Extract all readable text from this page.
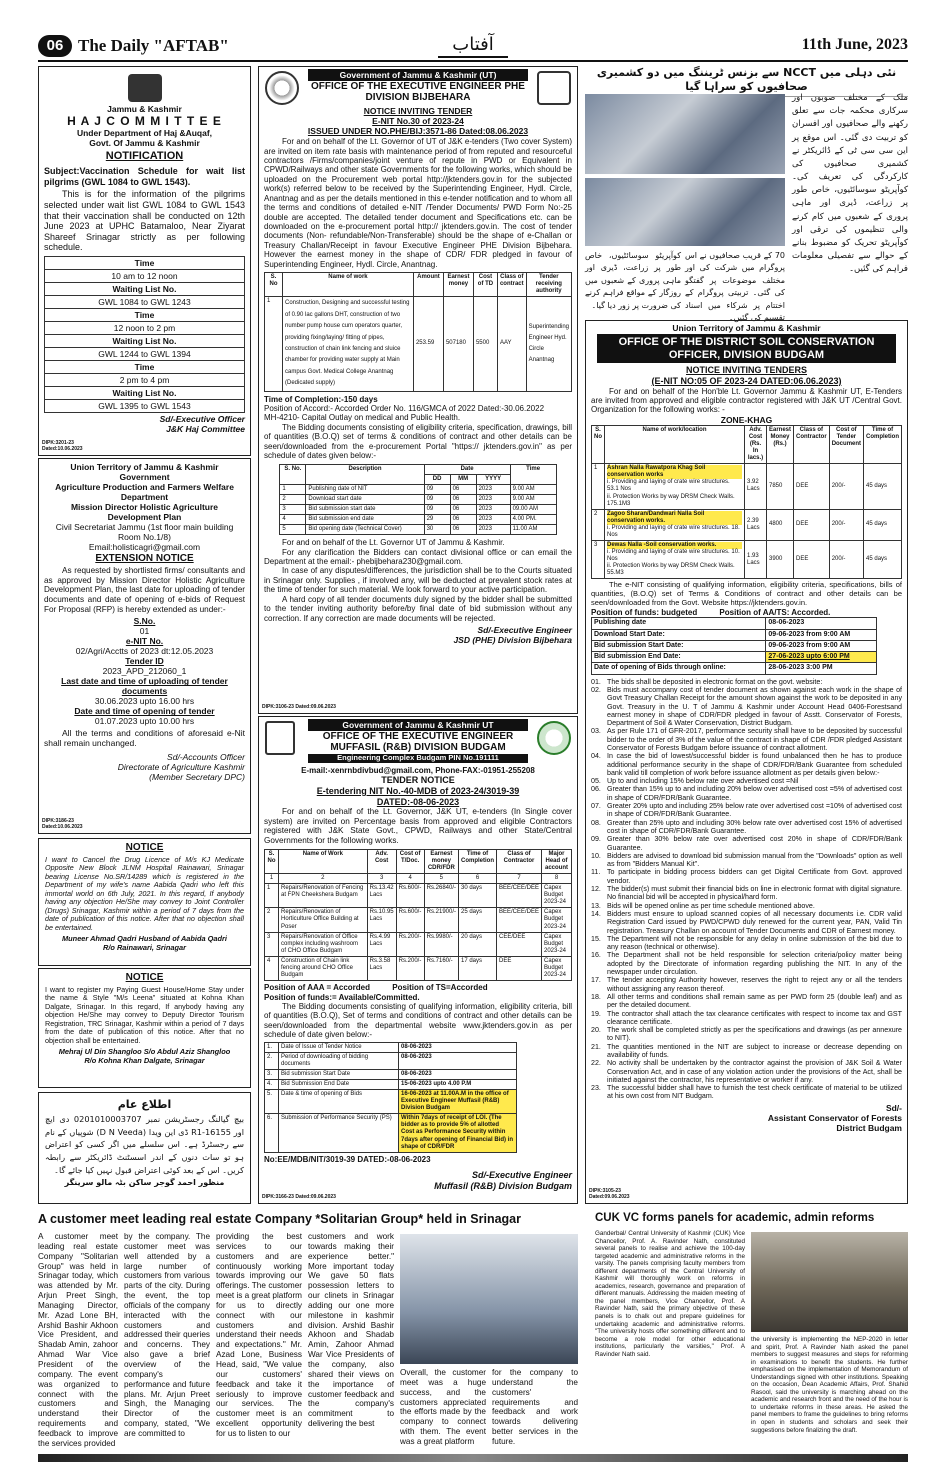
06 The Daily "AFTAB"	آفتاب	11th June, 2023
Jammu & Kashmir
H A J C O M M I T T E E
Under Department of Haj &Auqaf,
Govt. Of Jammu & Kashmir
NOTIFICATION
Subject:Vaccination Schedule for wait list pilgrims (GWL 1084 to GWL 1543).
This is for the information of the pilgrims selected under wait list GWL 1084 to GWL 1543 that their vaccination shall be conducted on 12th June 2023 at UPHC Batamaloo, Near Ziyarat Shareef Srinagar strictly as per following schedule.
Time
10 am to 12 noon
Waiting List No.
GWL 1084 to GWL 1243
Time
12 noon to 2 pm
Waiting List No.
GWL 1244 to GWL 1394
Time
2 pm to 4 pm
Waiting List No.
GWL 1395 to GWL 1543
Sd/-Executive Officer
J&K Haj Committee
DIPK:3201-23
Dated:10.06.2023
Union Territory of Jammu & Kashmir
Government
Agriculture Production and Farmers Welfare Department
Mission Director Holistic Agriculture Development Plan
Civil Secretariat Jammu (1st floor main building Room No.1/8)
Email:holisticagri@gmail.com
EXTENSION NOTICE
As requested by shortlisted firms/ consultants and as approved by Mission Director Holistic Agriculture Development Plan, the last date for uploading of tender documents and date of opening of e-bids of Request For Proposal (RFP) is hereby extended as under:-
S.No.
01
e-NIT No.
02/Agri/Acctts of 2023 dt:12.05.2023
Tender ID
2023_APD_212060_1
Last date and time of uploading of tender documents
30.06.2023 upto 16.00 hrs
Date and time of opening of tender
01.07.2023 upto 10.00 hrs
All the terms and conditions of aforesaid e-Nit shall remain unchanged.
Sd/-Accounts Officer
Directorate of Agriculture Kashmir
(Member Secretary DPC)
DIPK:3186-23
Dated:10.06.2023
NOTICE
I want to Cancel the Drug Licence of M/s KJ Medicate Opposite New Block JLNM Hospital Rainawari, Srinagar bearing License No.SR/14289 which is registered in the Department of my wife's name Aabida Qadri who left this immortal world on 6th July, 2021. In this regard, If anybody having any objection He/She may convey to Joint Controller (Drugs) Srinagar, Kashmir within a period of 7 days from the date of publication of this notice. After that no objection shall be entertained.
Muneer Ahmad Qadri Husband of Aabida Qadri
R/o Rainawari, Srinagar
NOTICE
I want to register my Paying Guest House/Home Stay under the name & Style "M/s Leena" situated at Kohna Khan Dalgate, Srinagar. In this regard, If anybody having any objection He/She may convey to Deputy Director Tourism Registration, TRC Srinagar, Kashmir within a period of 7 days from the date of publication of this notice. After that no objection shall be entertained.
Mehraj Ul Din Shangloo S/o Abdul Aziz Shangloo
R/o Kohna Khan Dalgate, Srinagar
اطلاع عام
بیچ گیالنگ رجسٹریشن نمبر 0201010003707 دی ایچ اور 16155-R1 ڈی این ویدا (D N Veeda) شوپیاں کے نام سے رجسٹرڈ ہے۔ اس سلسلے میں اگر کسی کو اعتراض ہو تو سات دنوں کے اندر اسسٹنٹ ڈائریکٹر سے رابطہ کریں۔ اس کے بعد کوئی اعتراض قبول نہیں کیا جائے گا۔
منظور احمد گوجر ساکن بٹہ مالو سرینگر
Government of Jammu & Kashmir (UT)
OFFICE OF THE EXECUTIVE ENGINEER PHE DIVISION BIJBEHARA
NOTICE INVITING TENDER
E-NIT No.30 of 2023-24
ISSUED UNDER NO.PHE/BIJ:3571-86 Dated:08.06.2023
For and on behalf of the Lt. Governor of UT of J&K e-tenders (Two cover System) are invited on item rate basis with maintenance period of from reputed and resourceful contractors /Firms/companies/joint venture of repute in PWD or Equivalent in CPWD/Railways and other state Governments for the following works, which should be uploaded on the Procurement web portal http://jktenders.gov.in for the subjected work(s) referred below to be received by the Superintending Engineer, Hydl. Circle, Anantnag and as per the details mentioned in this e-tender notification and to whom all the terms and conditions of detailed e-NIT /Tender Documents/ PWD Form No:-25 double are accepted. The detailed tender document and Specifications etc. can be downloaded on the e-procurement portal http:// jktenders.gov.in. The cost of tender documents (Non- refundable/Non-Transferable) should be the shape of e-Challan or Treasury Challan/Receipt in favour Executive Engineer PHE Division Bijbehara. However the earnest money in the shape of CDR/ FDR pledged in favour of Superintending Engineer, Hydl. Circle, Anantnag.
S. No	Name of work	Amount	Earnest money	Cost of TD	Class of contract	Tender receiving authority
1	Construction, Designing and successful testing of 0.90 lac gallons DHT, construction of two number pump house cum operators quarter, providing fixing/laying/ fitting of pipes, construction of chain link fencing and sluice chamber for providing water supply at Main campus Govt. Medical College Anantnag (Dedicated supply)	253.59	507180	5500	AAY	Superintending Engineer Hyd. Circle Anantnag
Time of Completion:-150 days
Position of Accord:- Accorded Order No. 116/GMCA of 2022 Dated:-30.06.2022
MH-4210- Capital Outlay on medical and Public Health.
The Bidding documents consisting of eligibility criteria, specification, drawings, bill of quantities (B.O.Q) set of terms & conditions of contract and other details can be seen/downloaded from the e-procurement Portal "https:// jktenders.gov.in" as per schedule of dates given below:-
S. No.	Description	Date			Time
		DD	MM	YYYY	
1	Publishing date of NIT	09	06	2023	9.00 AM
2	Download start date	09	06	2023	9.00 AM
3	Bid submission start date	09	06	2023	09.00 AM
4	Bid submission end date	29	06	2023	4.00 PM.
5	Bid opening date (Technical Cover)	30	06	2023	11.00 AM
For and on behalf of the Lt. Governor UT of Jammu & Kashmir.
For any clarification the Bidders can contact divisional office or can email the Department at the email:- phebijbehara230@gmail.com.
In case of any disputes/differences, the jurisdiction shall be to the Courts situated in Srinagar only. Supplies , if involved any, will be deducted at prevalent stock rates at the time of tender for such material. We look forward to your active participation.
A hard copy of all tender documents duly signed by the bidder shall be submitted to the tender inviting authority before/by final date of bid submission without any correction. If any correction are made documents will be rejected.
Sd/-Executive Engineer
JSD (PHE) Division Bijbehara
DIPK:3106-23 Dated:09.06.2023
Government of Jammu & Kashmir UT
OFFICE OF THE EXECUTIVE ENGINEER MUFFASIL (R&B) DIVISION BUDGAM
Engineering Complex Budgam PIN No.191111
E-mail:-xenrnbdivbud@gmail.com, Phone-FAX:-01951-255208
TENDER NOTICE
E-tendering NIT No.-40-MDB of 2023-24/3019-39
DATED:-08-06-2023
For and on behalf of the Lt. Governor, J&K UT, e-tenders (In Single cover system) are invited on Percentage basis from approved and eligible Contractors registered with J&K State Govt., CPWD, Railways and other State/Central Governments for the following works.
S. No	Name of Work	Adv. Cost	Cost of T/Doc.	Earnest money CDR/FDR	Time of Completion	Class of Contractor	Major Head of account
1	2	3	4	5	6	7	8
1	Repairs/Renovation of Fencing at FPN Cheekshera Budgam	Rs.13.42 Lacs	Rs.600/-	Rs.26840/-	30 days	BEE/CEE/DEE	Capex Budget 2023-24
2	Repairs/Renovation of Horticulture Office Building at Poser	Rs.10.95 Lacs	Rs.600/-	Rs.21900/-	25 days	BEE/CEE/DEE	Capex Budget 2023-24
3	Repairs/Renovation of Office complex including washroom of CHO Office Budgam	Rs.4.99 Lacs	Rs.200/-	Rs.9980/-	20 days	CEE/DEE	Capex Budget 2023-24
4	Construction of Chain link fencing around CHO Office Budgam	Rs.3.58 Lacs	Rs.200/-	Rs.7160/-	17 days	DEE	Capex Budget 2023-24
Position of AAA = Accorded          Position of TS=Accorded
Position of funds:= Available/Committed.
The Bidding documents consisting of qualifying information, eligibility criteria, bill of quantities (B.O.Q), Set of terms and conditions of contract and other details can be seen/downloaded from the departmental website www.jktenders.gov.in as per schedule of date given below:-
1.	Date of Issue of Tender Notice	08-06-2023
2.	Period of downloading of bidding documents	08-06-2023
3.	Bid submission Start Date	08-06-2023
4.	Bid Submission End Date	15-06-2023 upto 4.00 P.M
5.	Date & time of opening of Bids	16-06-2023 at 11.00A.M in the office of Executive Engineer Muffasil (R&B) Division Budgam
6.	Submission of Performance Security (PS)	Within 7days of receipt of LOI. (The bidder as to provide 5% of allotted Cost as Performance Security within 7days after opening of Financial Bid) in shape of CDR/FDR
No:EE/MDB/NIT/3019-39 DATED:-08-06-2023
Sd/-Executive Engineer
Muffasil (R&B) Division Budgam
DIPK:3166-23 Dated:09.06.2023
نئی دہلی میں NCCT سے بزنس ٹریننگ میں دو کشمیری صحافیوں کو سراہا گیا
ملک کے مختلف صوبوں اور سرکاری محکمہ جات سے تعلق رکھنے والے صحافیوں اور افسران کو تربیت دی گئی۔ اس موقع پر این سی سی ٹی کے ڈائریکٹر نے کشمیری صحافیوں کی کارکردگی کی تعریف کی۔ کوآپریٹو سوسائٹیوں، خاص طور پر زراعت، ڈیری اور ماہی پروری کے شعبوں میں کام کرنے والی تنظیموں کی ترقی اور کوآپریٹو تحریک کو مضبوط بنانے کے حوالے سے تفصیلی معلومات فراہم کی گئیں۔
70 کے قریب صحافیوں نے اس پروگرام میں شرکت کی اور مختلف موضوعات پر گفتگو کی گئی۔ تربیتی پروگرام کے اختتام پر شرکاء میں اسناد تقسیم کی گئیں۔
کوآپریٹو سوسائٹیوں، خاص طور پر زراعت، ڈیری اور ماہی پروری کے شعبوں میں روزگار کے مواقع فراہم کرنے کی ضرورت پر زور دیا گیا۔
Union Territory of Jammu & Kashmir
OFFICE OF THE DISTRICT SOIL CONSERVATION OFFICER, DIVISION BUDGAM
NOTICE INVITING TENDERS
(E-NIT NO:05 OF 2023-24 DATED:06.06.2023)
For and on behalf of the Hon'ble Lt. Governor Jammu & Kashmir UT, E-Tenders are invited from approved and eligible contractor registered with J&K UT /Central Govt. Organization for the following works: -
ZONE-KHAG
S. No	Name of work/location	Adv. Cost (Rs. In lacs.)	Earnest Money (Rs.)	Class of Contractor	Cost of Tender Document	Time of Completion
1	Ashran Nalla Rawatpora Khag Soil conservation works
i. Providing and laying of crate wire structures. 53.1 Nos
ii. Protection Works by way DRSM Check Walls. 175.1M3	3.92 Lacs	7850	DEE	200/-	45 days
2	Zagoo Sharan/Dandwari Nalla Soil conservation works.
i. Providing and laying of crate wire structures. 18. Nos	2.39 Lacs	4800	DEE	200/-	45 days
3	Dewas Nalla -Soil conservation works.
i. Providing and laying of crate wire structures. 10. Nos
ii. Protection Works by way DRSM Check Walls. 55.M3	1.93 Lacs	3900	DEE	200/-	45 days
The e-NIT consisting of qualifying information, eligibility criteria, specifications, bills of quantities, (B.O.Q) set of Terms & Conditions of contract and other details can be seen/downloaded from the Govt. Website https://jktenders.gov.in.
Position of funds: budgeted          Position of AA/TS: Accorded.
Publishing date	08-06-2023
Download Start Date:	09-06-2023 from 9:00 AM
Bid submission Start Date:	09-06-2023 from 9:00 AM
Bid submission End Date:	27-06-2023 upto 6:00 PM
Date of opening of Bids through online:	28-06-2023 3:00 PM
01. The bids shall be deposited in electronic format on the govt. website:
02. Bids must accompany cost of tender document as shown against each work in the shape of Govt Treasury Challan Receipt for the amount shown against the work to be deposited in any Govt. Treasury in the U. T of Jammu & Kashmir under Account Head 0406-Forestsand earnest money in shape of CDR/FDR pledged in favour of Asstt. Conservator of Forests, Department of Soil & Water Conservation, District Budgam.
03. As per Rule 171 of GFR-2017, performance security shall have to be deposited by successful bidder to the order of 3% of the value of the contract in shape of CDR /FDR pledged Assistant Conservator of Forests Budgam before issuance of contract allotment.
04. In case the bid of lowest/successful bidder is found unbalanced then he has to produce additional performance security in the shape of CDR/FDR/Bank Guarantee from scheduled bank valid till completion of work before issuance allotment as per details given below:-
05. Up to and including 15% below rate over advertised cost =Nil
06. Greater than 15% up to and including 20% below over advertised cost =5% of advertised cost in shape of CDR/FDR/Bank Guarantee.
07. Greater 20% upto and including 25% below rate over advertised cost =10% of advertised cost in shape of CDR/FDR/Bank Guarantee.
08. Greater than 25% upto and including 30% below rate over advertised cost 15% of advertised cost in shape of CDR/FDR/Bank Guarantee.
09. Greater than 30% below rate over advertised cost 20% in shape of CDR/FDR/Bank Guarantee.
10. Bidders are advised to download bid submission manual from the "Downloads" option as well as from "Bidders Manual Kit".
11. To participate in bidding process bidders can get Digital Certificate from Govt. approved vendor.
12. The bidder(s) must submit their financial bids on line in electronic format with digital signature. No financial bid will be accepted in physical/hard form.
13. Bids will be opened online as per time schedule mentioned above.
14. Bidders must ensure to upload scanned copies of all necessary documents i.e. CDR valid Registration Card issued by PWD/CPWD duly renewed for the current year, PAN, Valid Tin registration. Treasury Challan on account of Tender Documents and CDR of Earnest money.
15. The Department will not be responsible for any delay in online submission of the bid due to any reason (technical or otherwise).
16. The Department shall not be held responsible for selection criteria/policy matter being adopted by the Directorate of information regarding publishing the NIT. In any of the newspaper under circulation.
17. The tender accepting Authority however, reserves the right to reject any or all the tenders without assigning any reason thereof.
18. All other terms and conditions shall remain same as per PWD form 25 (double leaf) and as per the detailed document.
19. The contractor shall attach the tax clearance certificates with respect to income tax and GST clearance certificate.
20. The work shall be completed strictly as per the specifications and drawings (as per annexure to NIT).
21. The quantities mentioned in the NIT are subject to increase or decrease depending on availability of funds.
22. No activity shall be undertaken by the contractor against the provision of J&K Soil & Water Conservation Act, and in case of any violation action under the provisions of the Act, shall be initiated against the contractor, his representative or worker if any.
23. The successful bidder shall have to furnish the test check certificate of material to be utilized at his own cost from NIT Budgam.
Sd/-
Assistant Conservator of Forests
District Budgam
DIPK:3105-23
Dated:09.06.2023
A customer meet leading real estate Company *Solitarian Group* held in Srinagar
A customer meet leading real estate Company "Solitarian Group" was held in Srinagar today, which was attended by Mr. Arjun Preet Singh, Managing Director, Mr. Azad Lone BH, Arshid Bashir Akhoon Vice President, and Shadab Amin, zahoor Ahmad War Vice President of the company. The event was organized to connect with the customers and understand their requirements and feedback to improve the services provided
by the company. The customer meet was well attended by a large number of customers from various parts of the city. During the event, the top officials of the company interacted with the customers and addressed their queries and concerns. They also gave a brief overview of the company's performance and future plans. Mr. Arjun Preet Singh, the Managing Director of the company, stated, "We are committed to
providing the best services to our customers and are continuously working towards improving our offerings. The customer meet is a great platform for us to directly connect with our customers and understand their needs and expectations." Mr. Azad Lone, Business Head, said, "We value our customers' feedback and take it seriously to improve our services. The customer meet is an excellent opportunity for us to listen to our
customers and work towards making their experience better." More important today We gave 50 flats possession letters to our clinets in Srinagar adding our one more milestone in kashmir division. Arshid Bashir Akhoon and Shadab Amin, Zahoor Ahmad War Vice Presidents of the company, also shared their views on the importance of customer feedback and the company's commitment to delivering the best
Overall, the customer meet was a huge success, and the customers appreciated the efforts made by the company to connect with them. The event was a great platform
for the company to understand the customers' requirements and feedback and work towards delivering better services in the future.
CUK VC forms panels for academic, admin reforms
Ganderbal/ Central University of Kashmir (CUK) Vice Chancellor, Prof. A. Ravinder Nath, constituted several panels to realise and achieve the 100-day targeted academic and administrative reforms in the varsity. The panels comprising faculty members from different departments of the Central University of Kashmir will thoroughly work on reforms in academics, research, governance and preparation of different manuals. Addressing the maiden meeting of the panel members, Vice Chancellor, Prof. A Ravinder Nath, said the primary objective of these panels is to chalk out and prepare guidelines for undertaking academic and administrative reforms. "The university hosts offer something different and to become a role model for other educational institutions, particularly the varsities," Prof. A Ravinder Nath said.
the university is implementing the NEP-2020 in letter and spirit, Prof. A Ravinder Nath asked the panel members to suggest measures and steps for reforming in examinations to benefit the students. He further emphasised on the implementation of Memorandum of Understandings signed with other institutions. Speaking on the occasion, Dean Academic Affairs, Prof. Shahid Rasool, said the university is marching ahead on the academic and research front and the need of the hour is to undertake reforms in these areas. He asked the panel members to frame the guidelines to bring reforms in open in students and scholars and seek their suggestions before finalizing the draft.
